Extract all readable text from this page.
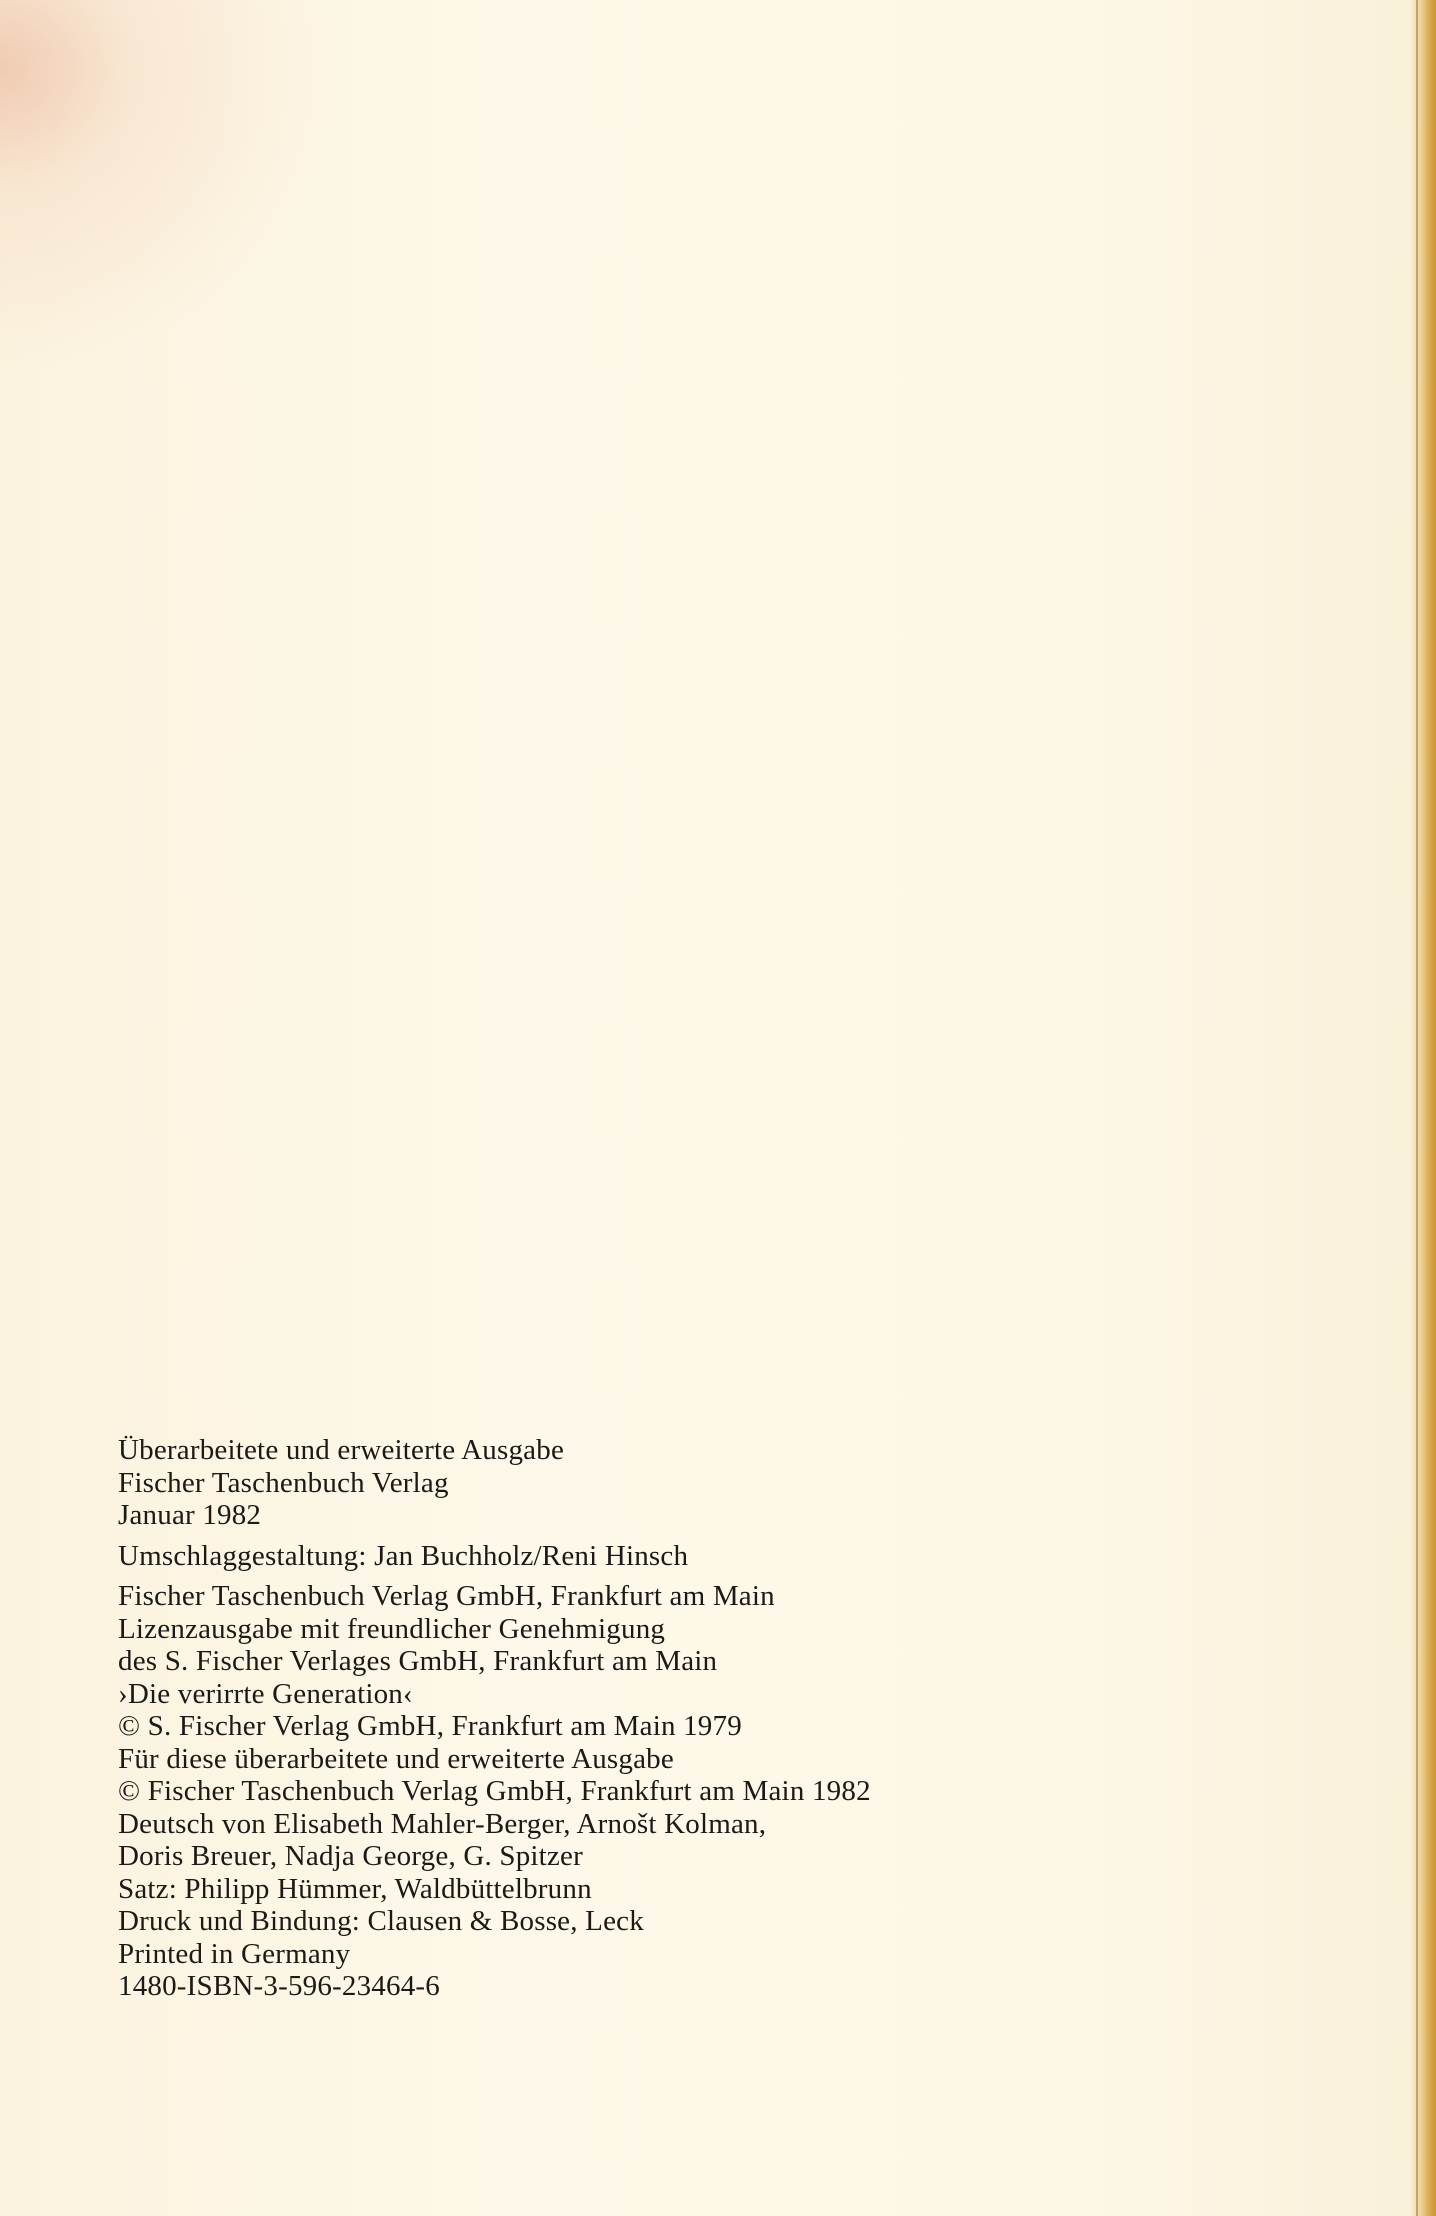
Überarbeitete und erweiterte Ausgabe
Fischer Taschenbuch Verlag
Januar 1982
Umschlaggestaltung: Jan Buchholz/Reni Hinsch
Fischer Taschenbuch Verlag GmbH, Frankfurt am Main
Lizenzausgabe mit freundlicher Genehmigung
des S. Fischer Verlages GmbH, Frankfurt am Main
›Die verirrte Generation‹
© S. Fischer Verlag GmbH, Frankfurt am Main 1979
Für diese überarbeitete und erweiterte Ausgabe
© Fischer Taschenbuch Verlag GmbH, Frankfurt am Main 1982
Deutsch von Elisabeth Mahler-Berger, Arnošt Kolman,
Doris Breuer, Nadja George, G. Spitzer
Satz: Philipp Hümmer, Waldbüttelbrunn
Druck und Bindung: Clausen & Bosse, Leck
Printed in Germany
1480-ISBN-3-596-23464-6
